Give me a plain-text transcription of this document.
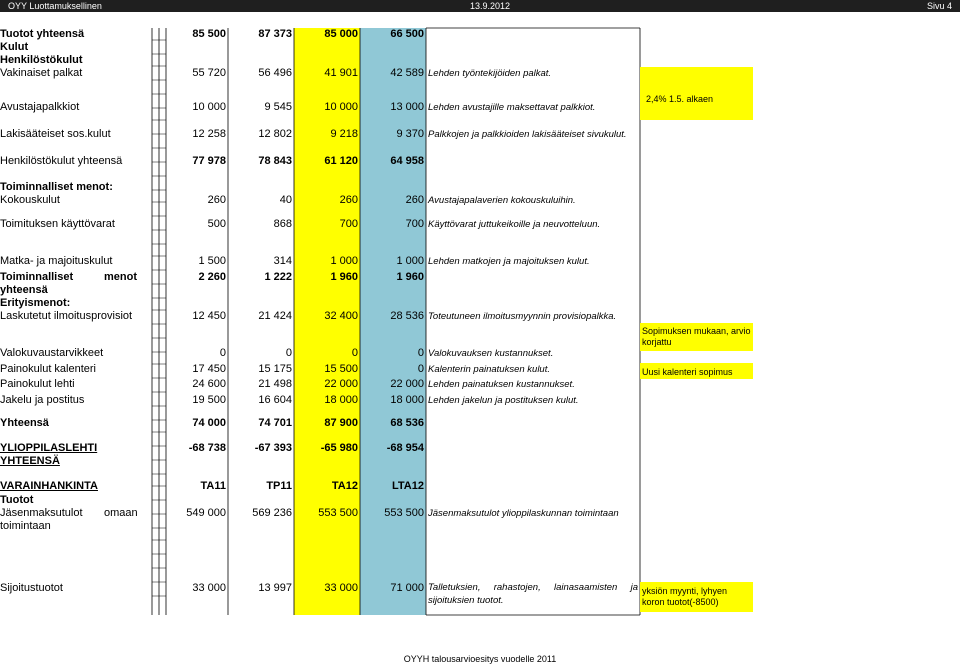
OYY Luottamuksellinen	13.9.2012	Sivu 4
2,4% 1.5. alkaen
Sopimuksen mukaan, arvio korjattu
Uusi kalenteri sopimus
yksiön myynti, lyhyen koron tuotot(-8500)
Tuotot yhteensä	85 500	87 373	85 000	66 500
Kulut
Henkilöstökulut
Vakinaiset palkat	55 720	56 496	41 901	42 589 Lehden työntekijöiden palkat.
Avustajapalkkiot	10 000	9 545	10 000	13 000 Lehden avustajille maksettavat palkkiot.
Lakisääteiset sos.kulut	12 258	12 802	9 218	9 370 Palkkojen ja palkkioiden lakisääteiset sivukulut.
Henkilöstökulut yhteensä	77 978	78 843	61 120	64 958
Toiminnalliset menot:
Kokouskulut	260	40	260	260 Avustajapalaverien kokouskuluihin.
Toimituksen käyttövarat	500	868	700	700 Käyttövarat juttukeikoille ja neuvotteluun.
Matka- ja majoituskulut	1 500	314	1 000	1 000 Lehden matkojen ja majoituksen kulut.
Toiminnalliset	menot
yhteensä
2 260	1 222	1 960	1 960
Erityismenot:
Laskutetut ilmoitusprovisiot	12 450	21 424	32 400	28 536 Toteutuneen ilmoitusmyynnin provisiopalkka.
Valokuvaustarvikkeet	0	0	0	0 Valokuvauksen kustannukset.
Painokulut kalenteri	17 450	15 175	15 500	0 Kalenterin painatuksen kulut.
Painokulut lehti	24 600	21 498	22 000	22 000 Lehden painatuksen kustannukset.
Jakelu ja postitus	19 500	16 604	18 000	18 000 Lehden jakelun ja postituksen kulut.
Yhteensä	74 000	74 701	87 900	68 536
YLIOPPILASLEHTI
YHTEENSÄ
-68 738	-67 393	-65 980	-68 954
VARAINHANKINTA	TA11	TP11	TA12	LTA12
Tuotot
Jäsenmaksutulot omaan
toimintaan
549 000	569 236	553 500	553 500 Jäsenmaksutulot ylioppilaskunnan toimintaan
Sijoitustuotot	33 000	13 997	33 000	71 000 Talletuksien, rahastojen, lainasaamisten ja
sijoituksien tuotot.
OYYH talousarvioesitys vuodelle 2011
